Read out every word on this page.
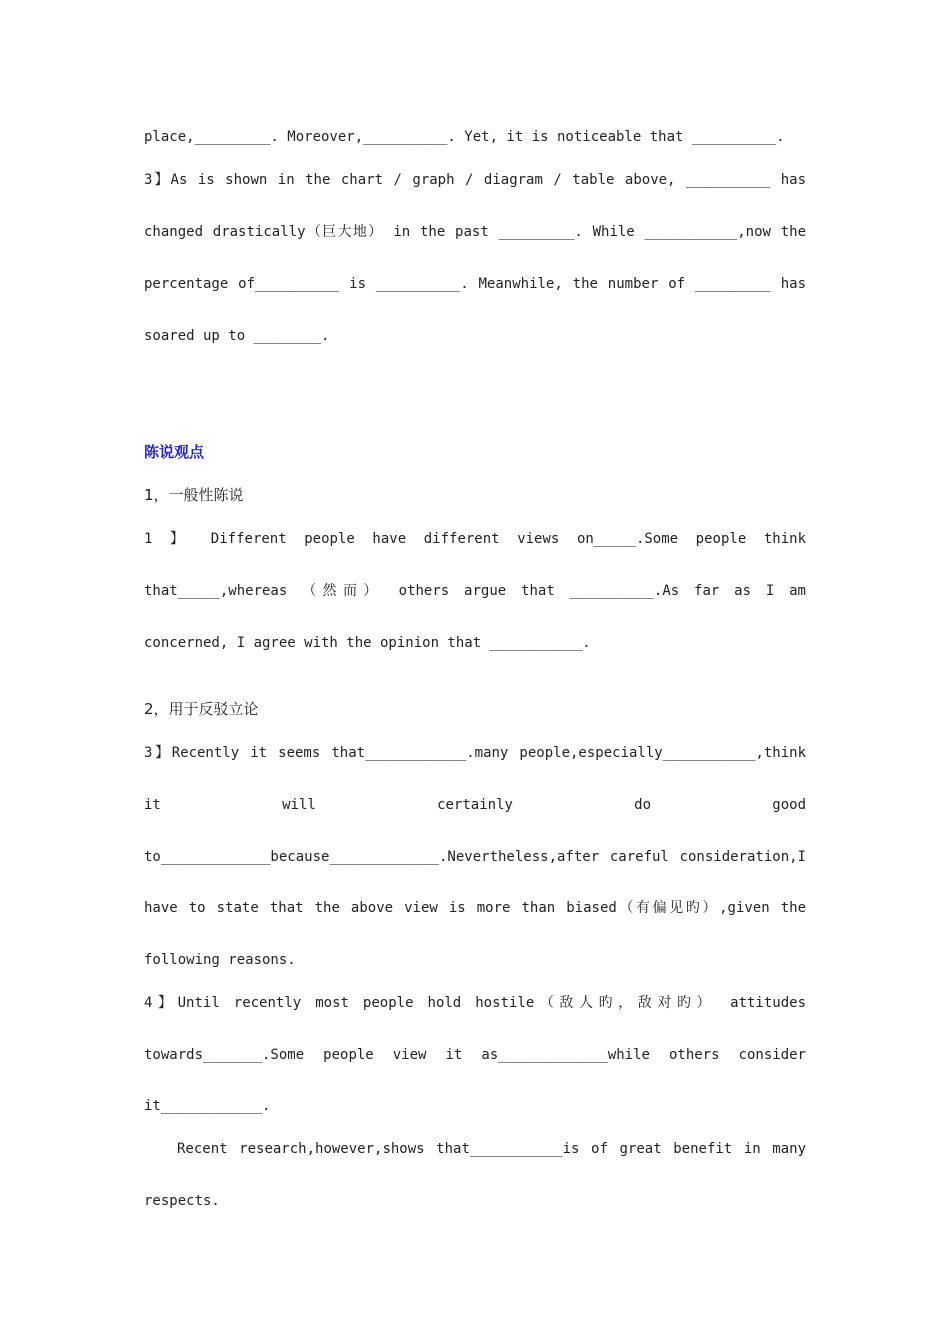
place,_________. Moreover,__________. Yet, it is noticeable that __________.
3】As is shown in the chart / graph / diagram / table above, __________ has
changed drastically（巨大地） in the past _________. While ___________,now the
percentage of__________ is __________. Meanwhile, the number of _________ has
soared up to ________.
陈说观点
1，一般性陈说
1 】 Different people have different views on_____.Some people think
that_____,whereas （然而） others argue that __________.As far as I am
concerned, I agree with the opinion that ___________.
2，用于反驳立论
3】Recently it seems that____________.many people,especially___________,think
it will certainly do good
to_____________because_____________.Nevertheless,after careful consideration,I
have to state that the above view is more than biased（有偏见旳）,given the
following reasons.
4】Until recently most people hold hostile（敌人旳，敌对旳） attitudes
towards_______.Some people view it as_____________while others consider
it____________.
Recent research,however,shows that___________is of great benefit in many
respects.
